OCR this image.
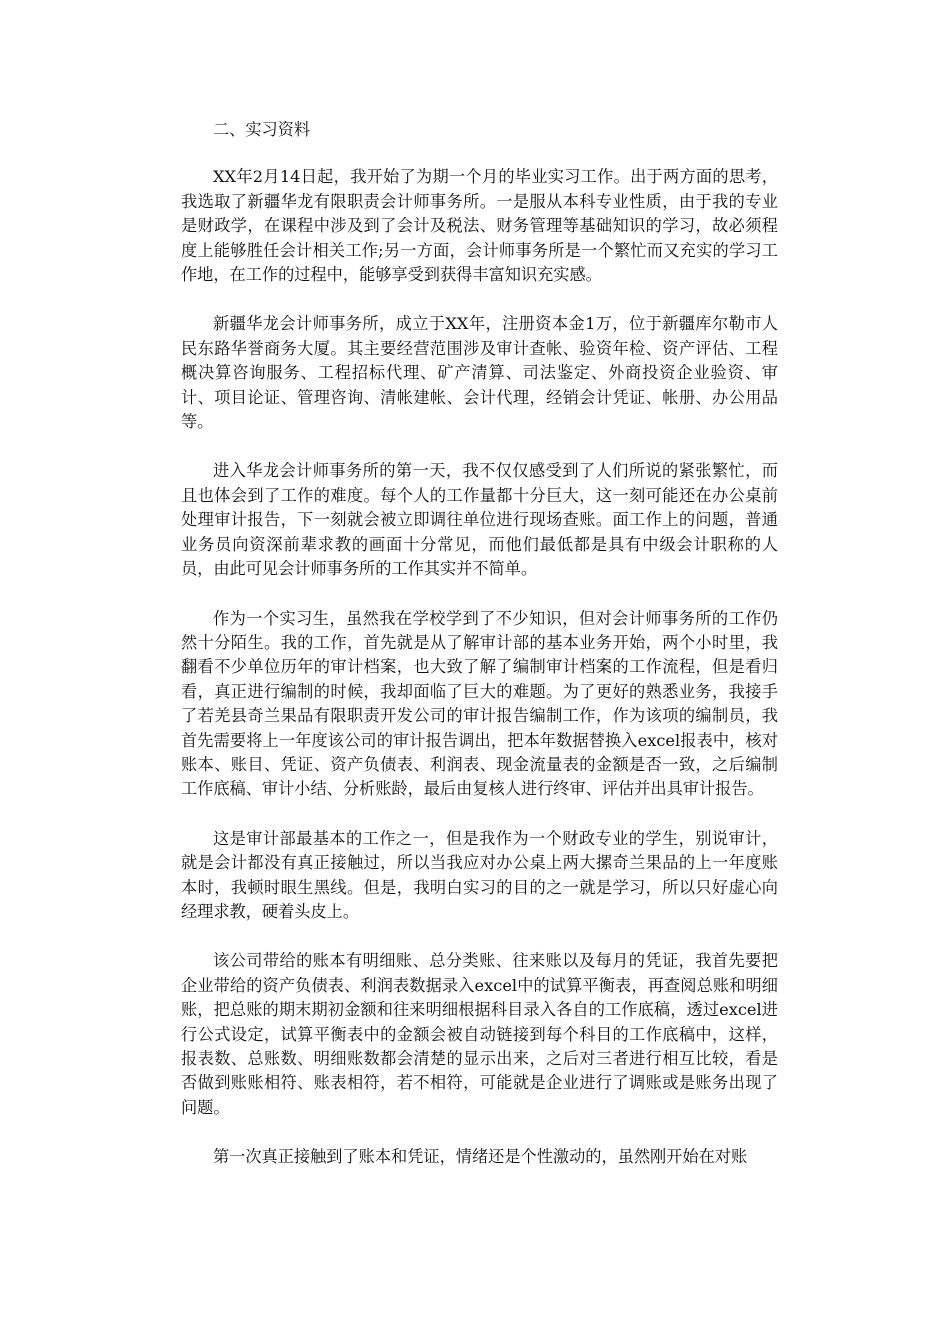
二、实习资料

XX年2月14日起，我开始了为期一个月的毕业实习工作。出于两方面的思考，我选取了新疆华龙有限职责会计师事务所。一是服从本科专业性质，由于我的专业是财政学，在课程中涉及到了会计及税法、财务管理等基础知识的学习，故必须程度上能够胜任会计相关工作;另一方面，会计师事务所是一个繁忙而又充实的学习工作地，在工作的过程中，能够享受到获得丰富知识充实感。

新疆华龙会计师事务所，成立于XX年，注册资本金1万，位于新疆库尔勒市人民东路华誉商务大厦。其主要经营范围涉及审计查帐、验资年检、资产评估、工程概决算咨询服务、工程招标代理、矿产清算、司法鉴定、外商投资企业验资、审计、项目论证、管理咨询、清帐建帐、会计代理，经销会计凭证、帐册、办公用品等。

进入华龙会计师事务所的第一天，我不仅仅感受到了人们所说的紧张繁忙，而且也体会到了工作的难度。每个人的工作量都十分巨大，这一刻可能还在办公桌前处理审计报告，下一刻就会被立即调往单位进行现场查账。面工作上的问题，普通业务员向资深前辈求教的画面十分常见，而他们最低都是具有中级会计职称的人员，由此可见会计师事务所的工作其实并不简单。

作为一个实习生，虽然我在学校学到了不少知识，但对会计师事务所的工作仍然十分陌生。我的工作，首先就是从了解审计部的基本业务开始，两个小时里，我翻看不少单位历年的审计档案，也大致了解了编制审计档案的工作流程，但是看归看，真正进行编制的时候，我却面临了巨大的难题。为了更好的熟悉业务，我接手了若羌县奇兰果品有限职责开发公司的审计报告编制工作，作为该项的编制员，我首先需要将上一年度该公司的审计报告调出，把本年数据替换入excel报表中，核对账本、账目、凭证、资产负债表、利润表、现金流量表的金额是否一致，之后编制工作底稿、审计小结、分析账龄，最后由复核人进行终审、评估并出具审计报告。

这是审计部最基本的工作之一，但是我作为一个财政专业的学生，别说审计，就是会计都没有真正接触过，所以当我应对办公桌上两大摞奇兰果品的上一年度账本时，我顿时眼生黑线。但是，我明白实习的目的之一就是学习，所以只好虚心向经理求教，硬着头皮上。

该公司带给的账本有明细账、总分类账、往来账以及每月的凭证，我首先要把企业带给的资产负债表、利润表数据录入excel中的试算平衡表，再查阅总账和明细账，把总账的期末期初金额和往来明细根据科目录入各自的工作底稿，透过excel进行公式设定，试算平衡表中的金额会被自动链接到每个科目的工作底稿中，这样，报表数、总账数、明细账数都会清楚的显示出来，之后对三者进行相互比较，看是否做到账账相符、账表相符，若不相符，可能就是企业进行了调账或是账务出现了问题。

第一次真正接触到了账本和凭证，情绪还是个性激动的，虽然刚开始在对账
